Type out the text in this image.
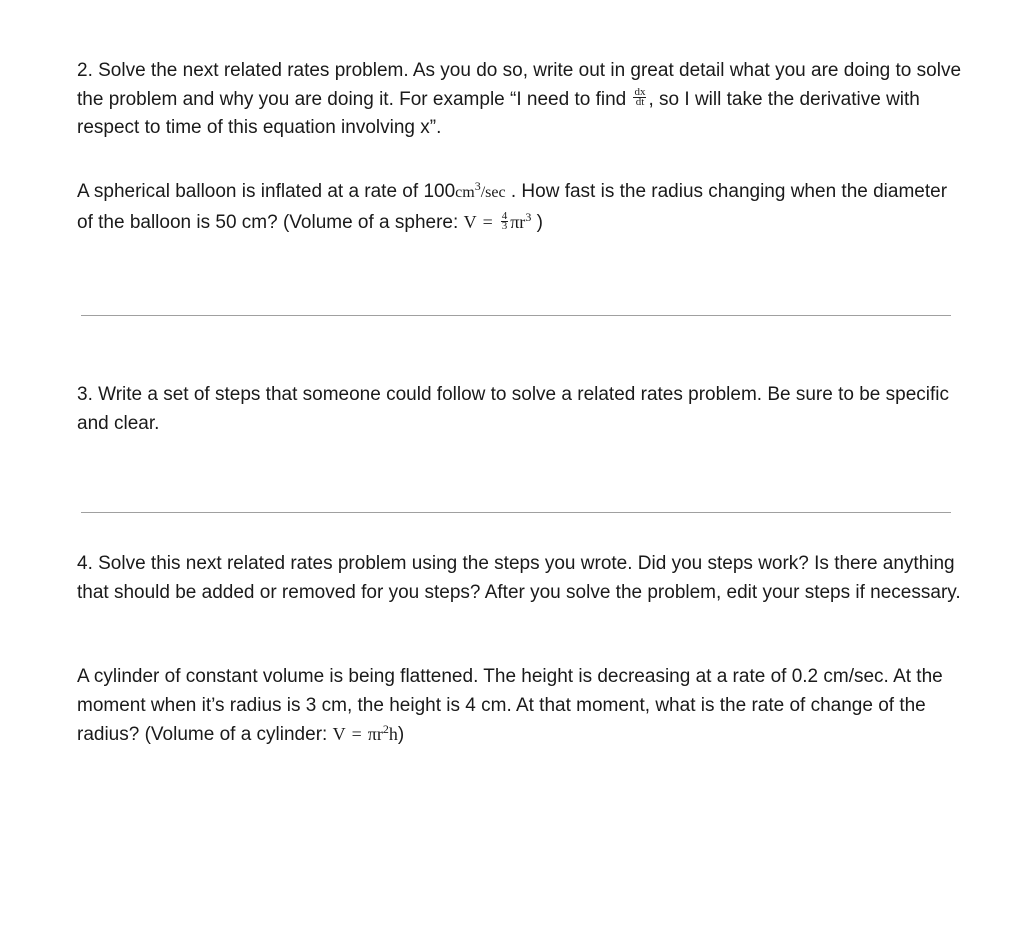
2. Solve the next related rates problem. As you do so, write out in great detail what you are doing to solve the problem and why you are doing it. For example “I need to find $\frac{dx}{dt}$ , so I will take the derivative with respect to time of this equation involving x”.

A spherical balloon is inflated at a rate of $100cm^3/\sec$ . How fast is the radius changing when the diameter of the balloon is 50 cm? (Volume of a sphere: $V = \frac{4}{3} \pi r^3$ )

3. Write a set of steps that someone could follow to solve a related rates problem. Be sure to be specific and clear.

4. Solve this next related rates problem using the steps you wrote. Did you steps work? Is there anything that should be added or removed for you steps? After you solve the problem, edit your steps if necessary.

A cylinder of constant volume is being flattened. The height is decreasing at a rate of 0.2 cm/sec. At the moment when it’s radius is 3 cm, the height is 4 cm. At that moment, what is the rate of change of the radius? (Volume of a cylinder: $V = \pi r^2h$)
